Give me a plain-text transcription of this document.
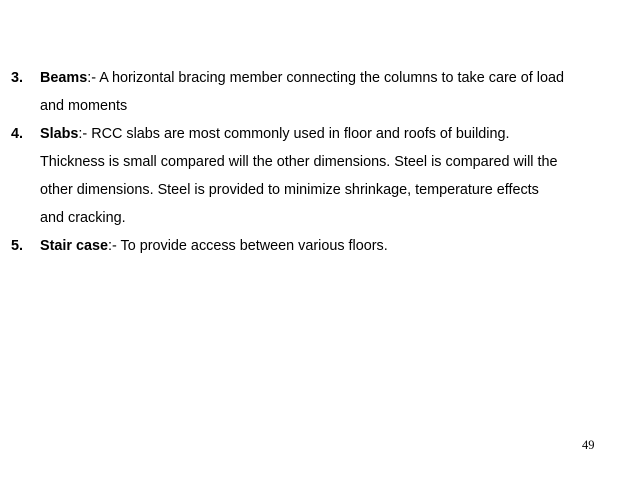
3. Beams:- A horizontal bracing member connecting the columns to take care of load
and moments
4. Slabs:- RCC slabs are most commonly used in floor and roofs of building.
Thickness is small compared will the other dimensions. Steel is compared will the
other dimensions. Steel is provided to minimize shrinkage, temperature effects
and cracking.
5. Stair case:- To provide access between various floors.
49
